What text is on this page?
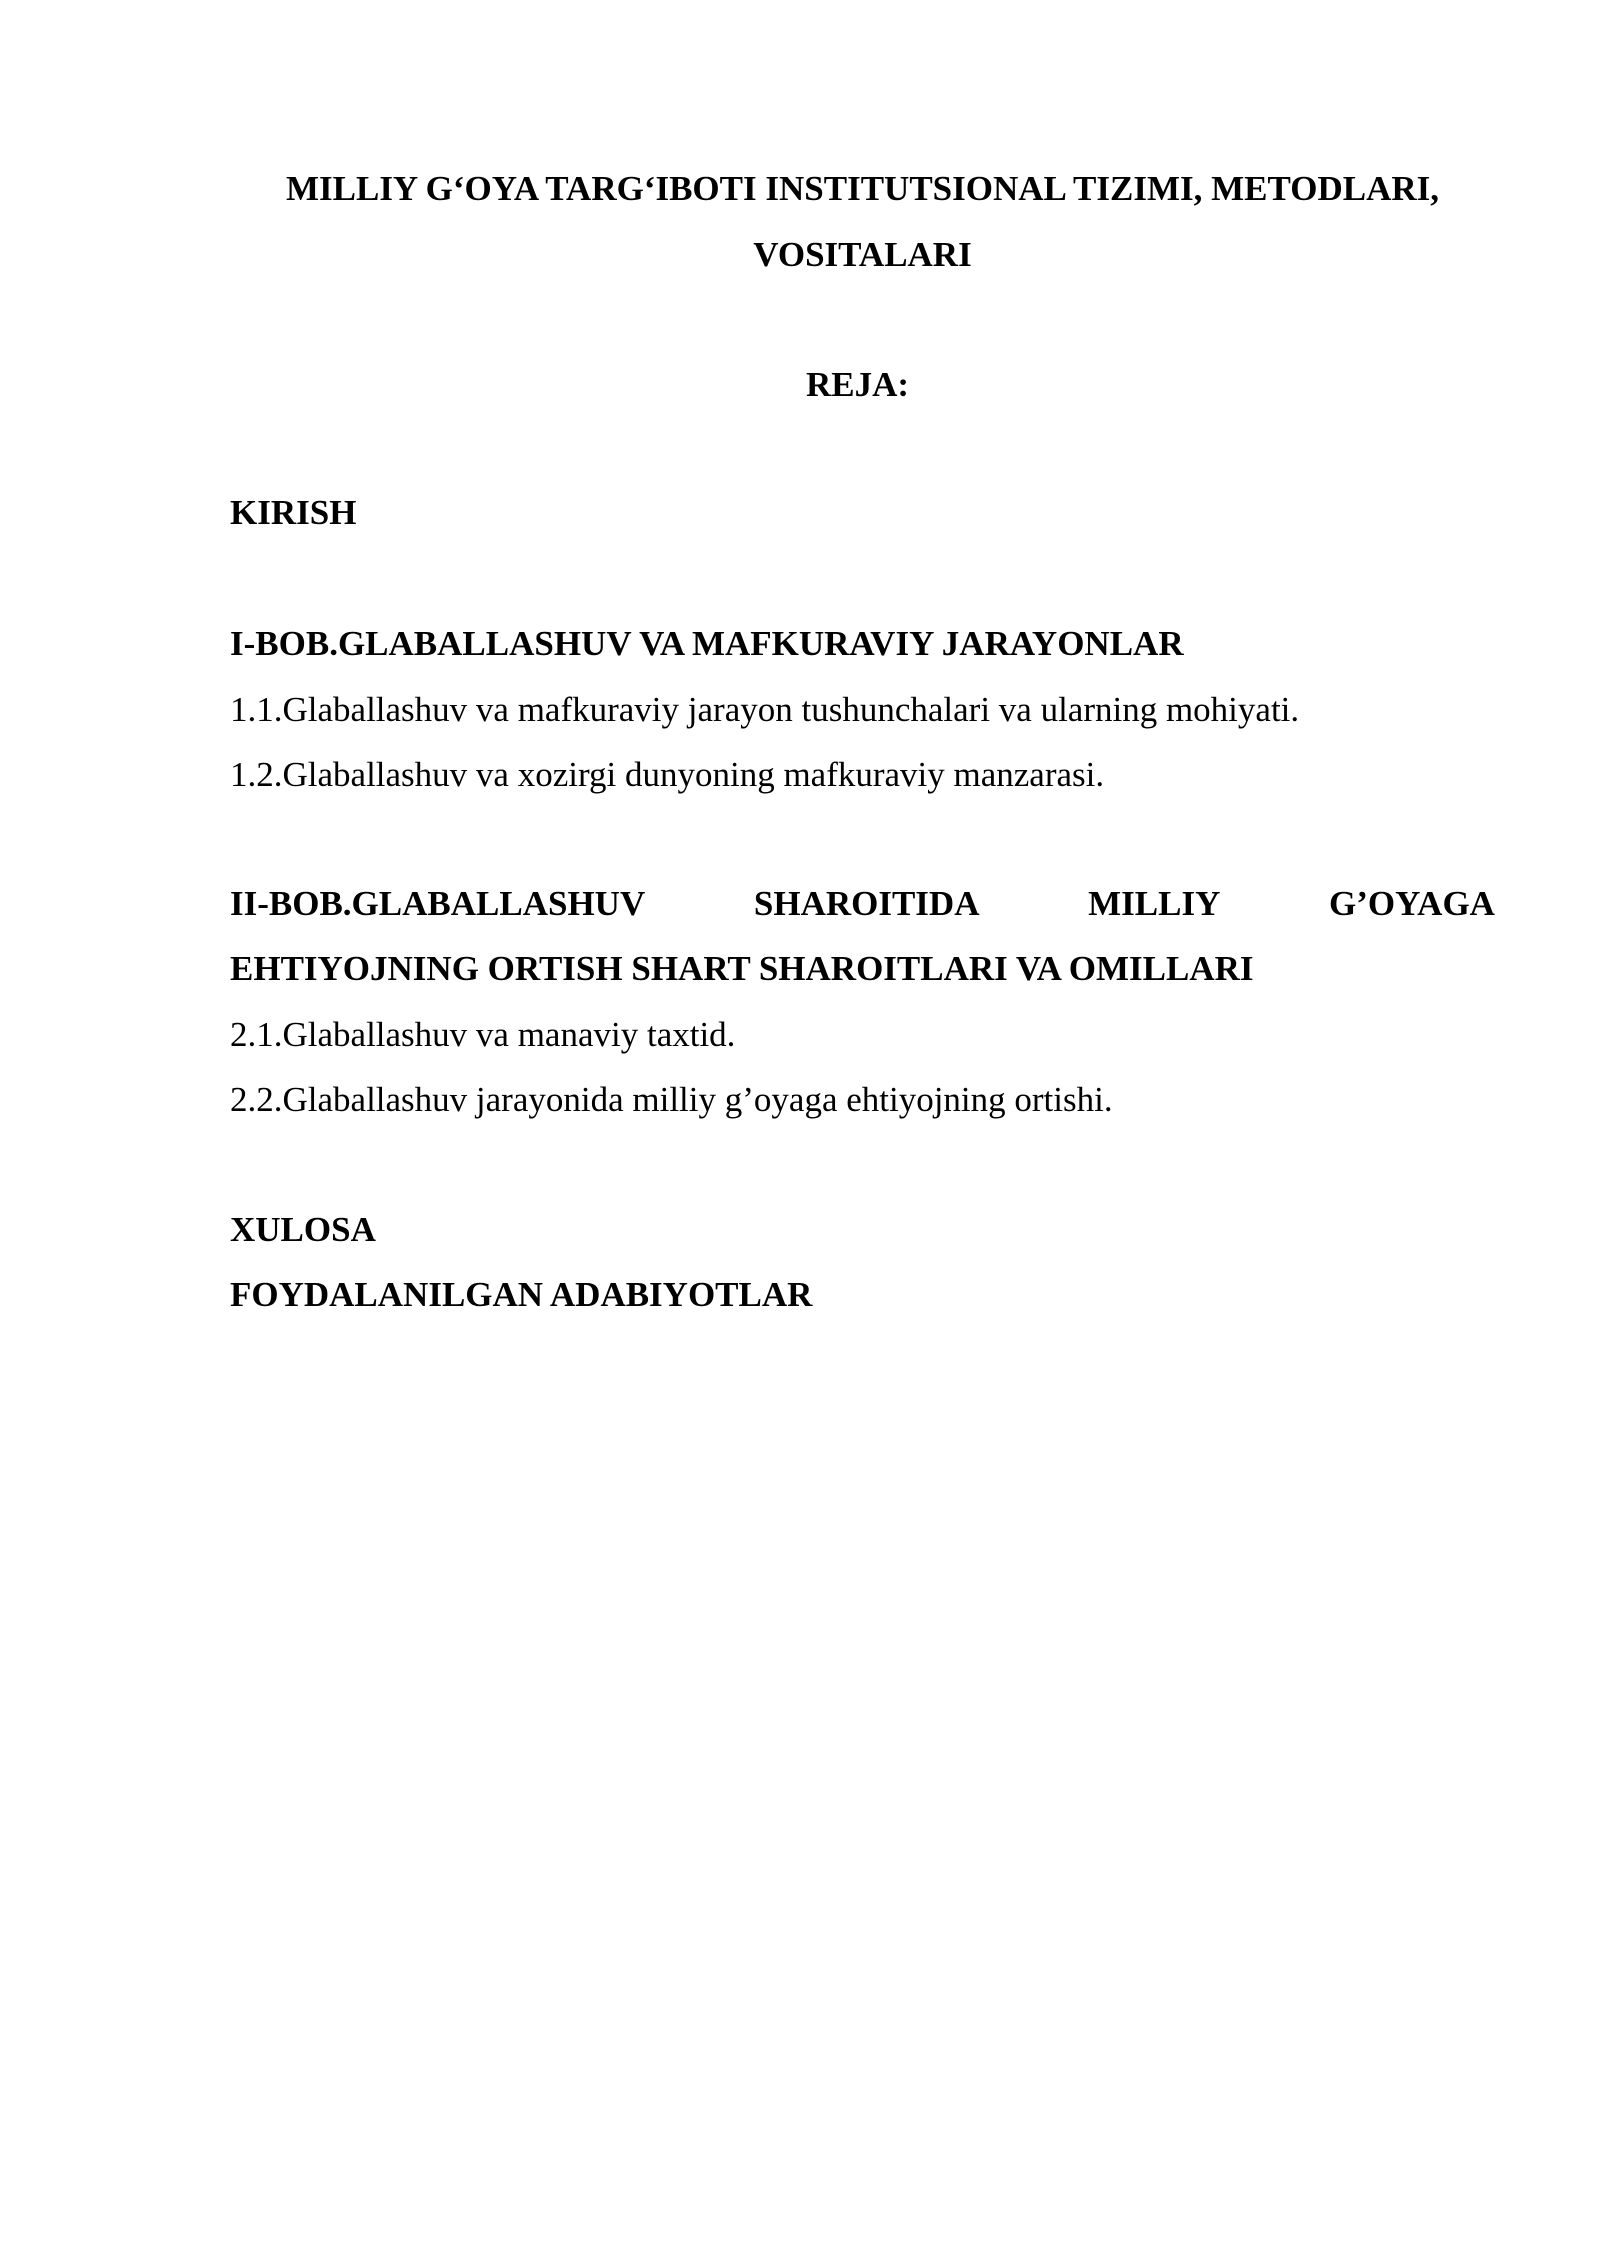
MILLIY G‘OYA TARG‘IBOTI INSTITUTSIONAL TIZIMI, METODLARI,
VOSITALARI
REJA:
KIRISH
I-BOB.GLABALLASHUV VA MAFKURAVIY JARAYONLAR
1.1.Glaballashuv va mafkuraviy jarayon tushunchalari va ularning mohiyati.
1.2.Glaballashuv va xozirgi dunyoning mafkuraviy manzarasi.
II-BOB.GLABALLASHUV	SHAROITIDA	MILLIY	G’OYAGA
EHTIYOJNING ORTISH SHART SHAROITLARI VA OMILLARI
2.1.Glaballashuv va manaviy taxtid.
2.2.Glaballashuv jarayonida milliy g’oyaga ehtiyojning ortishi.
XULOSA
FOYDALANILGAN ADABIYOTLAR
